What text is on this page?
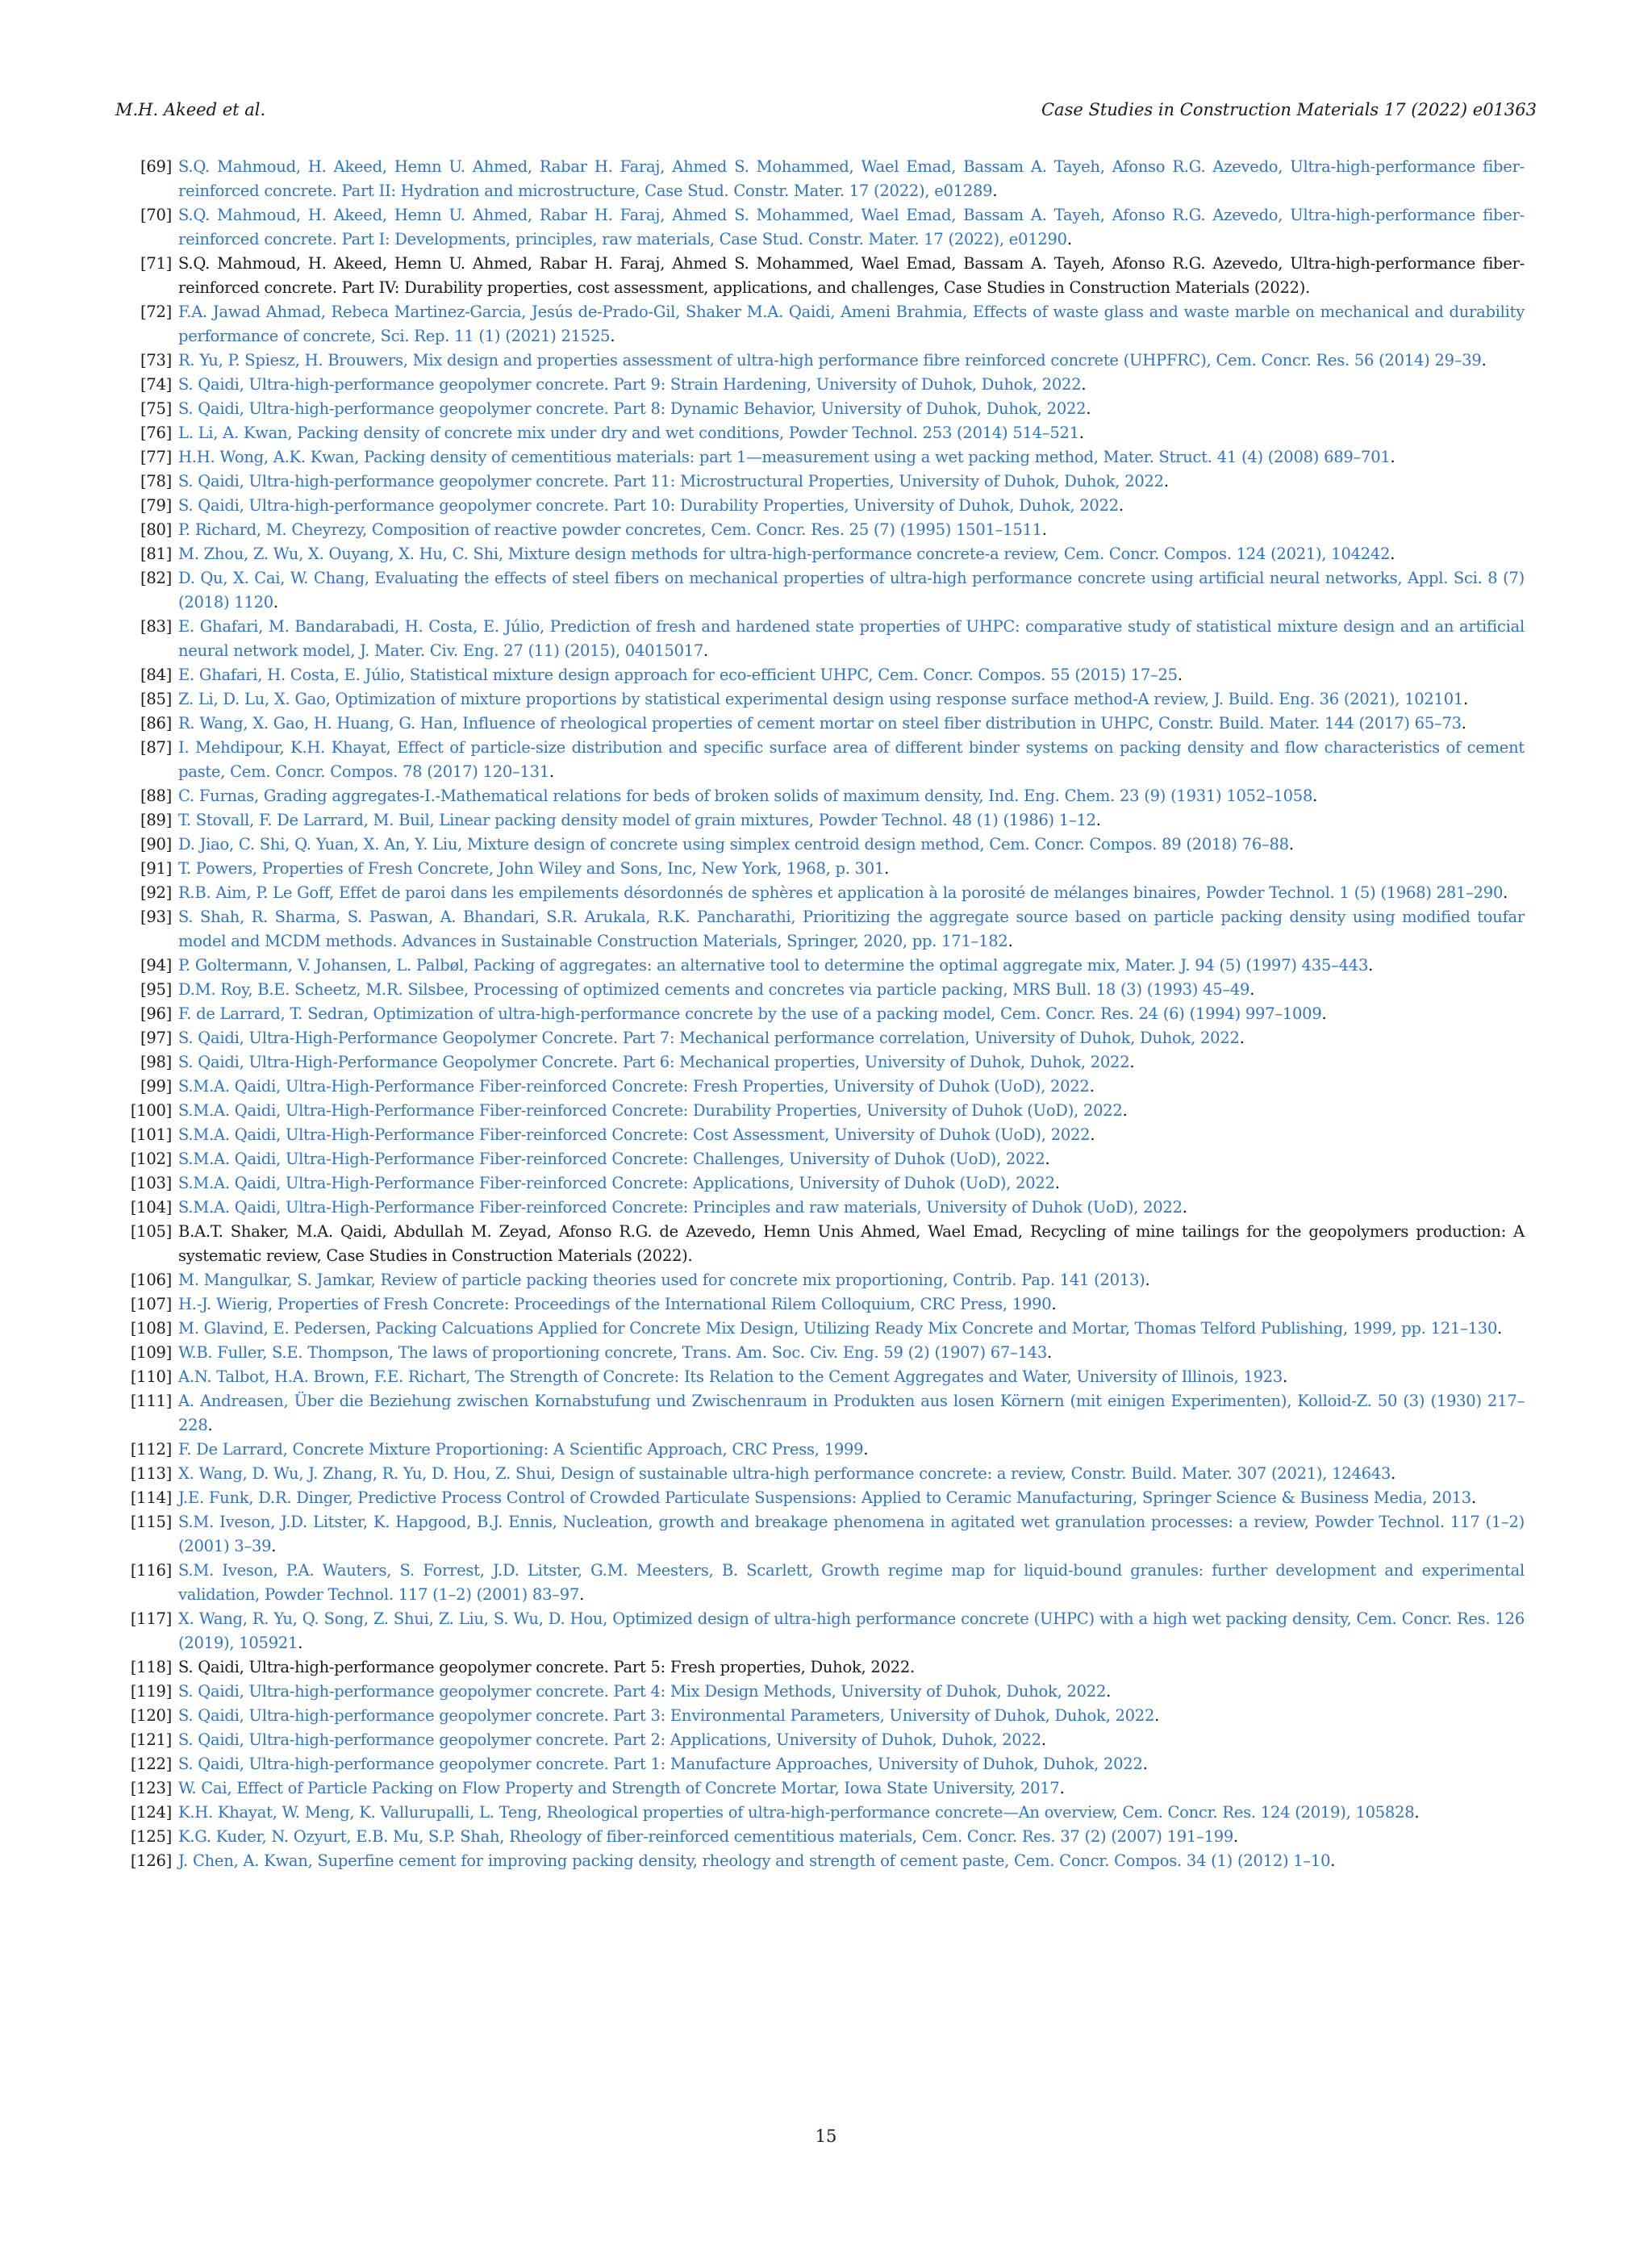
M.H. Akeed et al.	Case Studies in Construction Materials 17 (2022) e01363
[69] S.Q. Mahmoud, H. Akeed, Hemn U. Ahmed, Rabar H. Faraj, Ahmed S. Mohammed, Wael Emad, Bassam A. Tayeh, Afonso R.G. Azevedo, Ultra-high-performance fiber-reinforced concrete. Part II: Hydration and microstructure, Case Stud. Constr. Mater. 17 (2022), e01289.
[70] S.Q. Mahmoud, H. Akeed, Hemn U. Ahmed, Rabar H. Faraj, Ahmed S. Mohammed, Wael Emad, Bassam A. Tayeh, Afonso R.G. Azevedo, Ultra-high-performance fiber-reinforced concrete. Part I: Developments, principles, raw materials, Case Stud. Constr. Mater. 17 (2022), e01290.
[71] S.Q. Mahmoud, H. Akeed, Hemn U. Ahmed, Rabar H. Faraj, Ahmed S. Mohammed, Wael Emad, Bassam A. Tayeh, Afonso R.G. Azevedo, Ultra-high-performance fiber-reinforced concrete. Part IV: Durability properties, cost assessment, applications, and challenges, Case Studies in Construction Materials (2022).
[72] F.A. Jawad Ahmad, Rebeca Martinez-Garcia, Jesús de-Prado-Gil, Shaker M.A. Qaidi, Ameni Brahmia, Effects of waste glass and waste marble on mechanical and durability performance of concrete, Sci. Rep. 11 (1) (2021) 21525.
[73] R. Yu, P. Spiesz, H. Brouwers, Mix design and properties assessment of ultra-high performance fibre reinforced concrete (UHPFRC), Cem. Concr. Res. 56 (2014) 29–39.
[74] S. Qaidi, Ultra-high-performance geopolymer concrete. Part 9: Strain Hardening, University of Duhok, Duhok, 2022.
[75] S. Qaidi, Ultra-high-performance geopolymer concrete. Part 8: Dynamic Behavior, University of Duhok, Duhok, 2022.
[76] L. Li, A. Kwan, Packing density of concrete mix under dry and wet conditions, Powder Technol. 253 (2014) 514–521.
[77] H.H. Wong, A.K. Kwan, Packing density of cementitious materials: part 1—measurement using a wet packing method, Mater. Struct. 41 (4) (2008) 689–701.
[78] S. Qaidi, Ultra-high-performance geopolymer concrete. Part 11: Microstructural Properties, University of Duhok, Duhok, 2022.
[79] S. Qaidi, Ultra-high-performance geopolymer concrete. Part 10: Durability Properties, University of Duhok, Duhok, 2022.
[80] P. Richard, M. Cheyrezy, Composition of reactive powder concretes, Cem. Concr. Res. 25 (7) (1995) 1501–1511.
[81] M. Zhou, Z. Wu, X. Ouyang, X. Hu, C. Shi, Mixture design methods for ultra-high-performance concrete-a review, Cem. Concr. Compos. 124 (2021), 104242.
[82] D. Qu, X. Cai, W. Chang, Evaluating the effects of steel fibers on mechanical properties of ultra-high performance concrete using artificial neural networks, Appl. Sci. 8 (7) (2018) 1120.
[83] E. Ghafari, M. Bandarabadi, H. Costa, E. Júlio, Prediction of fresh and hardened state properties of UHPC: comparative study of statistical mixture design and an artificial neural network model, J. Mater. Civ. Eng. 27 (11) (2015), 04015017.
[84] E. Ghafari, H. Costa, E. Júlio, Statistical mixture design approach for eco-efficient UHPC, Cem. Concr. Compos. 55 (2015) 17–25.
[85] Z. Li, D. Lu, X. Gao, Optimization of mixture proportions by statistical experimental design using response surface method-A review, J. Build. Eng. 36 (2021), 102101.
[86] R. Wang, X. Gao, H. Huang, G. Han, Influence of rheological properties of cement mortar on steel fiber distribution in UHPC, Constr. Build. Mater. 144 (2017) 65–73.
[87] I. Mehdipour, K.H. Khayat, Effect of particle-size distribution and specific surface area of different binder systems on packing density and flow characteristics of cement paste, Cem. Concr. Compos. 78 (2017) 120–131.
[88] C. Furnas, Grading aggregates-I.-Mathematical relations for beds of broken solids of maximum density, Ind. Eng. Chem. 23 (9) (1931) 1052–1058.
[89] T. Stovall, F. De Larrard, M. Buil, Linear packing density model of grain mixtures, Powder Technol. 48 (1) (1986) 1–12.
[90] D. Jiao, C. Shi, Q. Yuan, X. An, Y. Liu, Mixture design of concrete using simplex centroid design method, Cem. Concr. Compos. 89 (2018) 76–88.
[91] T. Powers, Properties of Fresh Concrete, John Wiley and Sons, Inc, New York, 1968, p. 301.
[92] R.B. Aim, P. Le Goff, Effet de paroi dans les empilements désordonnés de sphères et application à la porosité de mélanges binaires, Powder Technol. 1 (5) (1968) 281–290.
[93] S. Shah, R. Sharma, S. Paswan, A. Bhandari, S.R. Arukala, R.K. Pancharathi, Prioritizing the aggregate source based on particle packing density using modified toufar model and MCDM methods. Advances in Sustainable Construction Materials, Springer, 2020, pp. 171–182.
[94] P. Goltermann, V. Johansen, L. Palbøl, Packing of aggregates: an alternative tool to determine the optimal aggregate mix, Mater. J. 94 (5) (1997) 435–443.
[95] D.M. Roy, B.E. Scheetz, M.R. Silsbee, Processing of optimized cements and concretes via particle packing, MRS Bull. 18 (3) (1993) 45–49.
[96] F. de Larrard, T. Sedran, Optimization of ultra-high-performance concrete by the use of a packing model, Cem. Concr. Res. 24 (6) (1994) 997–1009.
[97] S. Qaidi, Ultra-High-Performance Geopolymer Concrete. Part 7: Mechanical performance correlation, University of Duhok, Duhok, 2022.
[98] S. Qaidi, Ultra-High-Performance Geopolymer Concrete. Part 6: Mechanical properties, University of Duhok, Duhok, 2022.
[99] S.M.A. Qaidi, Ultra-High-Performance Fiber-reinforced Concrete: Fresh Properties, University of Duhok (UoD), 2022.
[100] S.M.A. Qaidi, Ultra-High-Performance Fiber-reinforced Concrete: Durability Properties, University of Duhok (UoD), 2022.
[101] S.M.A. Qaidi, Ultra-High-Performance Fiber-reinforced Concrete: Cost Assessment, University of Duhok (UoD), 2022.
[102] S.M.A. Qaidi, Ultra-High-Performance Fiber-reinforced Concrete: Challenges, University of Duhok (UoD), 2022.
[103] S.M.A. Qaidi, Ultra-High-Performance Fiber-reinforced Concrete: Applications, University of Duhok (UoD), 2022.
[104] S.M.A. Qaidi, Ultra-High-Performance Fiber-reinforced Concrete: Principles and raw materials, University of Duhok (UoD), 2022.
[105] B.A.T. Shaker, M.A. Qaidi, Abdullah M. Zeyad, Afonso R.G. de Azevedo, Hemn Unis Ahmed, Wael Emad, Recycling of mine tailings for the geopolymers production: A systematic review, Case Studies in Construction Materials (2022).
[106] M. Mangulkar, S. Jamkar, Review of particle packing theories used for concrete mix proportioning, Contrib. Pap. 141 (2013).
[107] H.-J. Wierig, Properties of Fresh Concrete: Proceedings of the International Rilem Colloquium, CRC Press, 1990.
[108] M. Glavind, E. Pedersen, Packing Calcuations Applied for Concrete Mix Design, Utilizing Ready Mix Concrete and Mortar, Thomas Telford Publishing, 1999, pp. 121–130.
[109] W.B. Fuller, S.E. Thompson, The laws of proportioning concrete, Trans. Am. Soc. Civ. Eng. 59 (2) (1907) 67–143.
[110] A.N. Talbot, H.A. Brown, F.E. Richart, The Strength of Concrete: Its Relation to the Cement Aggregates and Water, University of Illinois, 1923.
[111] A. Andreasen, Über die Beziehung zwischen Kornabstufung und Zwischenraum in Produkten aus losen Körnern (mit einigen Experimenten), Kolloid-Z. 50 (3) (1930) 217–228.
[112] F. De Larrard, Concrete Mixture Proportioning: A Scientific Approach, CRC Press, 1999.
[113] X. Wang, D. Wu, J. Zhang, R. Yu, D. Hou, Z. Shui, Design of sustainable ultra-high performance concrete: a review, Constr. Build. Mater. 307 (2021), 124643.
[114] J.E. Funk, D.R. Dinger, Predictive Process Control of Crowded Particulate Suspensions: Applied to Ceramic Manufacturing, Springer Science & Business Media, 2013.
[115] S.M. Iveson, J.D. Litster, K. Hapgood, B.J. Ennis, Nucleation, growth and breakage phenomena in agitated wet granulation processes: a review, Powder Technol. 117 (1–2) (2001) 3–39.
[116] S.M. Iveson, P.A. Wauters, S. Forrest, J.D. Litster, G.M. Meesters, B. Scarlett, Growth regime map for liquid-bound granules: further development and experimental validation, Powder Technol. 117 (1–2) (2001) 83–97.
[117] X. Wang, R. Yu, Q. Song, Z. Shui, Z. Liu, S. Wu, D. Hou, Optimized design of ultra-high performance concrete (UHPC) with a high wet packing density, Cem. Concr. Res. 126 (2019), 105921.
[118] S. Qaidi, Ultra-high-performance geopolymer concrete. Part 5: Fresh properties, Duhok, 2022.
[119] S. Qaidi, Ultra-high-performance geopolymer concrete. Part 4: Mix Design Methods, University of Duhok, Duhok, 2022.
[120] S. Qaidi, Ultra-high-performance geopolymer concrete. Part 3: Environmental Parameters, University of Duhok, Duhok, 2022.
[121] S. Qaidi, Ultra-high-performance geopolymer concrete. Part 2: Applications, University of Duhok, Duhok, 2022.
[122] S. Qaidi, Ultra-high-performance geopolymer concrete. Part 1: Manufacture Approaches, University of Duhok, Duhok, 2022.
[123] W. Cai, Effect of Particle Packing on Flow Property and Strength of Concrete Mortar, Iowa State University, 2017.
[124] K.H. Khayat, W. Meng, K. Vallurupalli, L. Teng, Rheological properties of ultra-high-performance concrete—An overview, Cem. Concr. Res. 124 (2019), 105828.
[125] K.G. Kuder, N. Ozyurt, E.B. Mu, S.P. Shah, Rheology of fiber-reinforced cementitious materials, Cem. Concr. Res. 37 (2) (2007) 191–199.
[126] J. Chen, A. Kwan, Superfine cement for improving packing density, rheology and strength of cement paste, Cem. Concr. Compos. 34 (1) (2012) 1–10.
15
